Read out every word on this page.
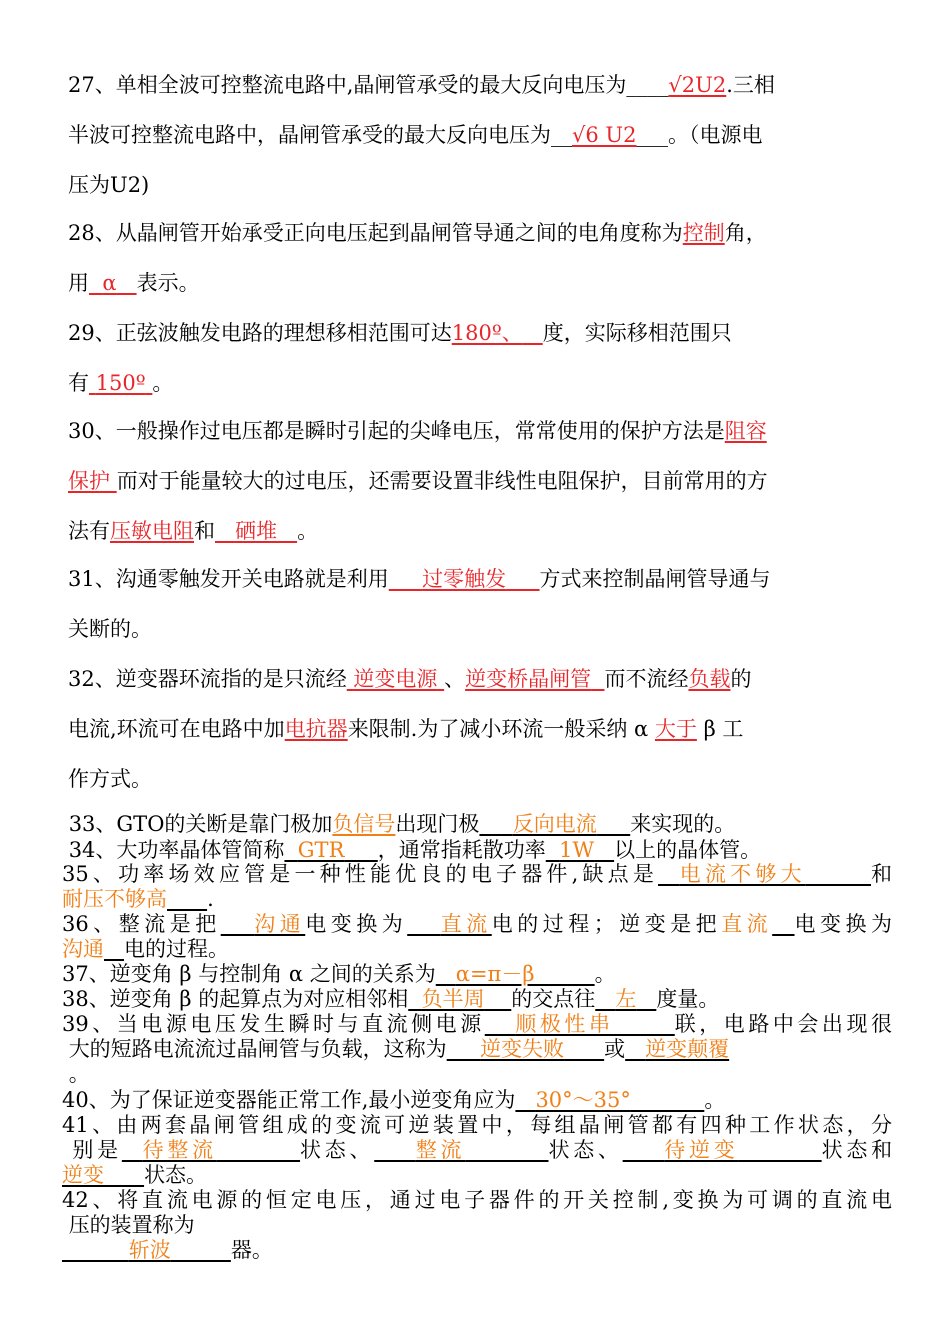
27、单相全波可控整流电路中,晶闸管承受的最大反向电压为____√2U2.三相
半波可控整流电路中，晶闸管承受的最大反向电压为__√6 U2___。（电源电
压为U2)
28、从晶闸管开始承受正向电压起到晶闸管导通之间的电角度称为控制角，
用 α 表示。
29、正弦波触发电路的理想移相范围可达180º、 度，实际移相范围只
有 150º 。
30、一般操作过电压都是瞬时引起的尖峰电压，常常使用的保护方法是阻容
保护 而对于能量较大的过电压，还需要设置非线性电阻保护，目前常用的方
法有压敏电阻和 硒堆 。
31、沟通零触发开关电路就是利用 过零触发 方式来控制晶闸管导通与
关断的。
32、逆变器环流指的是只流经 逆变电源 、逆变桥晶闸管 而不流经负载的
电流,环流可在电路中加电抗器来限制.为了减小环流一般采纳 α 大于 β 工
作方式。
33、GTO的关断是靠门极加负信号出现门极 反向电流 来实现的。
34、大功率晶体管简称 GTR ，通常指耗散功率 1W 以上的晶体管。
35、功率场效应管是一种性能优良的电子器件,缺点是 电流不够大	和
耐压不够高 .
36、整流是把 沟通电变换为 直流电的过程；逆变是把直流 电变换为
沟通 电的过程。
37、逆变角 β 与控制角 α 之间的关系为 α=π－β	。
38、逆变角 β 的起算点为对应相邻相 负半周 的交点往 左 度量。
39、当电源电压发生瞬时与直流侧电源 顺极性串	联，电路中会出现很
大的短路电流流过晶闸管与负载，这称为 逆变失败 或 逆变颠覆
。
40、为了保证逆变器能正常工作,最小逆变角应为 30°～35°	。
41、由两套晶闸管组成的变流可逆装置中，每组晶闸管都有四种工作状态，分
别是 待整流	状态、 整流	状态、 待逆变	状态和
逆变 状态。
42、将直流电源的恒定电压，通过电子器件的开关控制,变换为可调的直流电
压的装置称为
斩波	器。
